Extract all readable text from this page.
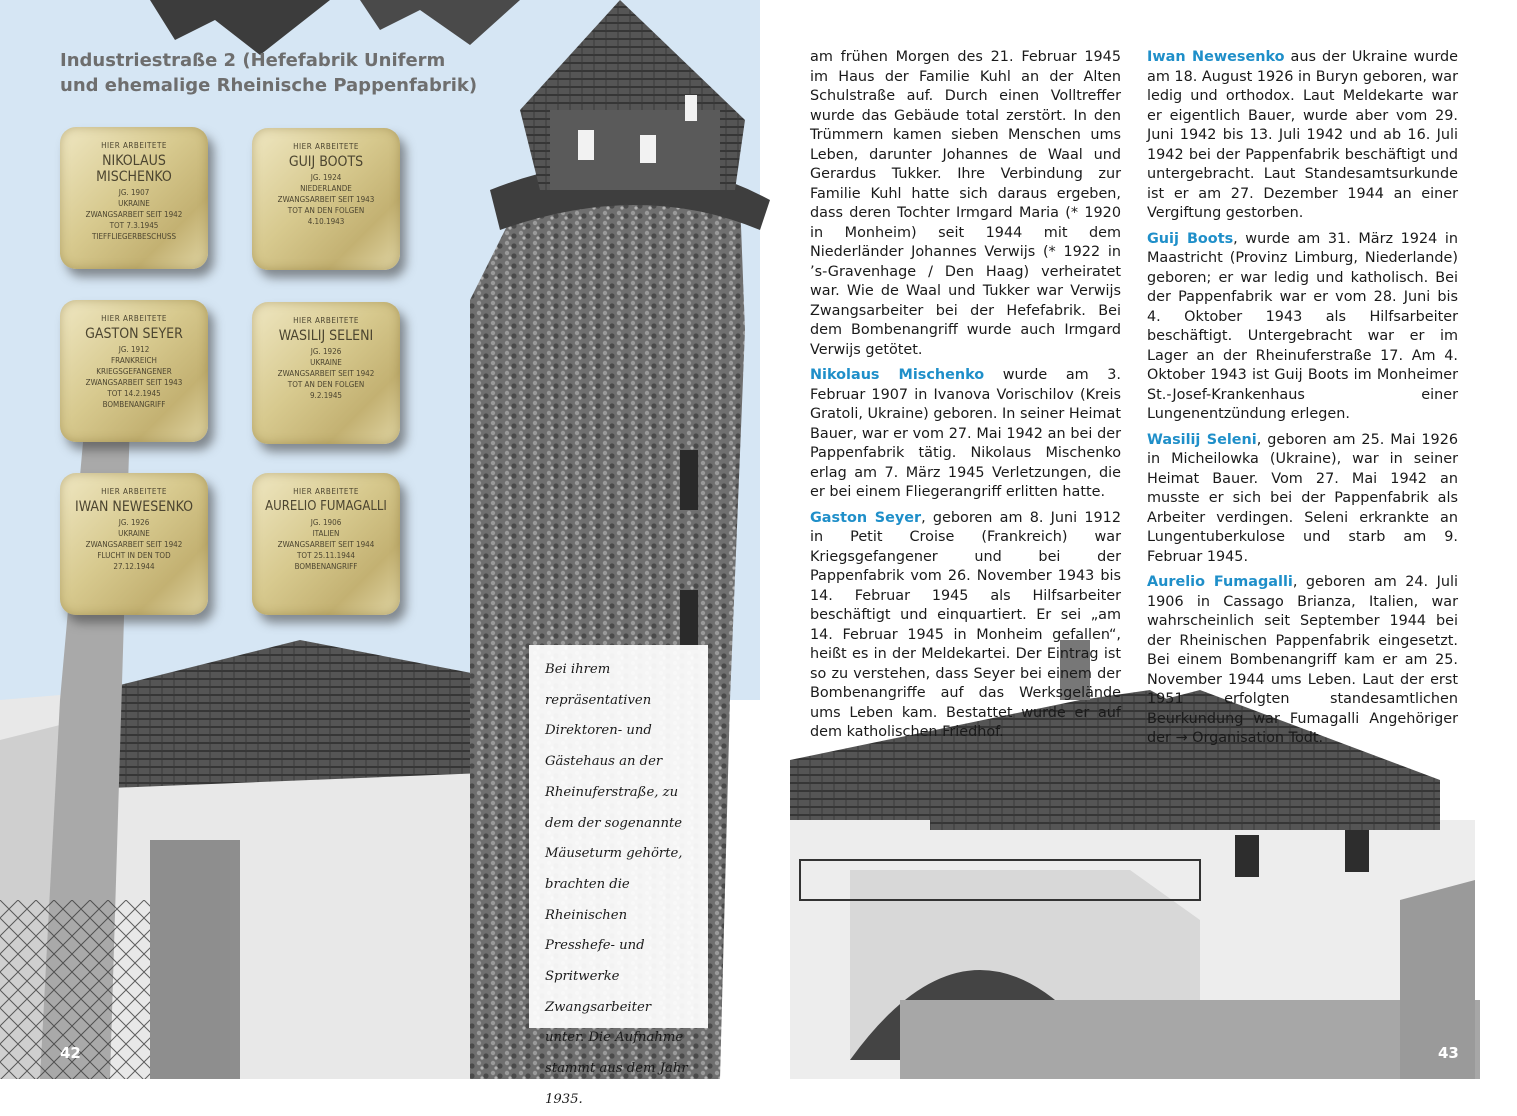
Industriestraße 2 (Hefefabrik Uniferm
und ehemalige Rheinische Pappenfabrik)
HIER ARBEITETE
NIKOLAUS
MISCHENKO
JG. 1907
UKRAINE
ZWANGSARBEIT SEIT 1942
TOT 7.3.1945
TIEFFLIEGERBESCHUSS
HIER ARBEITETE
GUIJ BOOTS
JG. 1924
NIEDERLANDE
ZWANGSARBEIT SEIT 1943
TOT AN DEN FOLGEN
4.10.1943
HIER ARBEITETE
GASTON SEYER
JG. 1912
FRANKREICH
KRIEGSGEFANGENER
ZWANGSARBEIT SEIT 1943
TOT 14.2.1945
BOMBENANGRIFF
HIER ARBEITETE
WASILIJ SELENI
JG. 1926
UKRAINE
ZWANGSARBEIT SEIT 1942
TOT AN DEN FOLGEN
9.2.1945
HIER ARBEITETE
IWAN NEWESENKO
JG. 1926
UKRAINE
ZWANGSARBEIT SEIT 1942
FLUCHT IN DEN TOD
27.12.1944
HIER ARBEITETE
AURELIO FUMAGALLI
JG. 1906
ITALIEN
ZWANGSARBEIT SEIT 1944
TOT 25.11.1944
BOMBENANGRIFF
Bei ihrem repräsentativen Direktoren- und Gästehaus an der Rheinuferstraße, zu dem der sogenannte Mäuseturm gehörte, brachten die Rheinischen Presshefe- und Spritwerke Zwangsarbeiter unter. Die Aufnahme stammt aus dem Jahr 1935.

am frühen Morgen des 21. Februar 1945 im Haus der Familie Kuhl an der Alten Schulstraße auf. Durch einen Volltreffer wurde das Gebäude total zerstört. In den Trümmern kamen sieben Menschen ums Leben, darunter Johannes de Waal und Gerardus Tukker. Ihre Verbindung zur Familie Kuhl hatte sich daraus ergeben, dass deren Tochter Irmgard Maria (* 1920 in Monheim) seit 1944 mit dem Niederländer Johannes Verwijs (* 1922 in ’s-Gravenhage / Den Haag) verheiratet war. Wie de Waal und Tukker war Verwijs Zwangsarbeiter bei der Hefefabrik. Bei dem Bombenangriff wurde auch Irmgard Verwijs getötet.

Nikolaus Mischenko wurde am 3. Februar 1907 in Ivanova Vorischilov (Kreis Gratoli, Ukraine) geboren. In seiner Heimat Bauer, war er vom 27. Mai 1942 an bei der Pappenfabrik tätig. Nikolaus Mischenko erlag am 7. März 1945 Verletzungen, die er bei einem Fliegerangriff erlitten hatte.

Gaston Seyer, geboren am 8. Juni 1912 in Petit Croise (Frankreich) war Kriegsgefangener und bei der Pappenfabrik vom 26. November 1943 bis 14. Februar 1945 als Hilfsarbeiter beschäftigt und einquartiert. Er sei „am 14. Februar 1945 in Monheim gefallen“, heißt es in der Meldekartei. Der Eintrag ist so zu verstehen, dass Seyer bei einem der Bombenangriffe auf das Werksgelände ums Leben kam. Bestattet wurde er auf dem katholischen Friedhof.

Iwan Newesenko aus der Ukraine wurde am 18. August 1926 in Buryn geboren, war ledig und orthodox. Laut Meldekarte war er eigentlich Bauer, wurde aber vom 29. Juni 1942 bis 13. Juli 1942 und ab 16. Juli 1942 bei der Pappenfabrik beschäftigt und untergebracht. Laut Standesamtsurkunde ist er am 27. Dezember 1944 an einer Vergiftung gestorben.

Guij Boots, wurde am 31. März 1924 in Maastricht (Provinz Limburg, Niederlande) geboren; er war ledig und katholisch. Bei der Pappenfabrik war er vom 28. Juni bis 4. Oktober 1943 als Hilfsarbeiter beschäftigt. Untergebracht war er im Lager an der Rheinuferstraße 17. Am 4. Oktober 1943 ist Guij Boots im Monheimer St.-Josef-Krankenhaus einer Lungenentzündung erlegen.

Wasilij Seleni, geboren am 25. Mai 1926 in Micheilowka (Ukraine), war in seiner Heimat Bauer. Vom 27. Mai 1942 an musste er sich bei der Pappenfabrik als Arbeiter verdingen. Seleni erkrankte an Lungentuberkulose und starb am 9. Februar 1945.

Aurelio Fumagalli, geboren am 24. Juli 1906 in Cassago Brianza, Italien, war wahrscheinlich seit September 1944 bei der Rheinischen Pappenfabrik eingesetzt. Bei einem Bombenangriff kam er am 25. November 1944 ums Leben. Laut der erst 1951 erfolgten standesamtlichen Beurkundung war Fumagalli Angehöriger der → Organisation Todt.

42	43
